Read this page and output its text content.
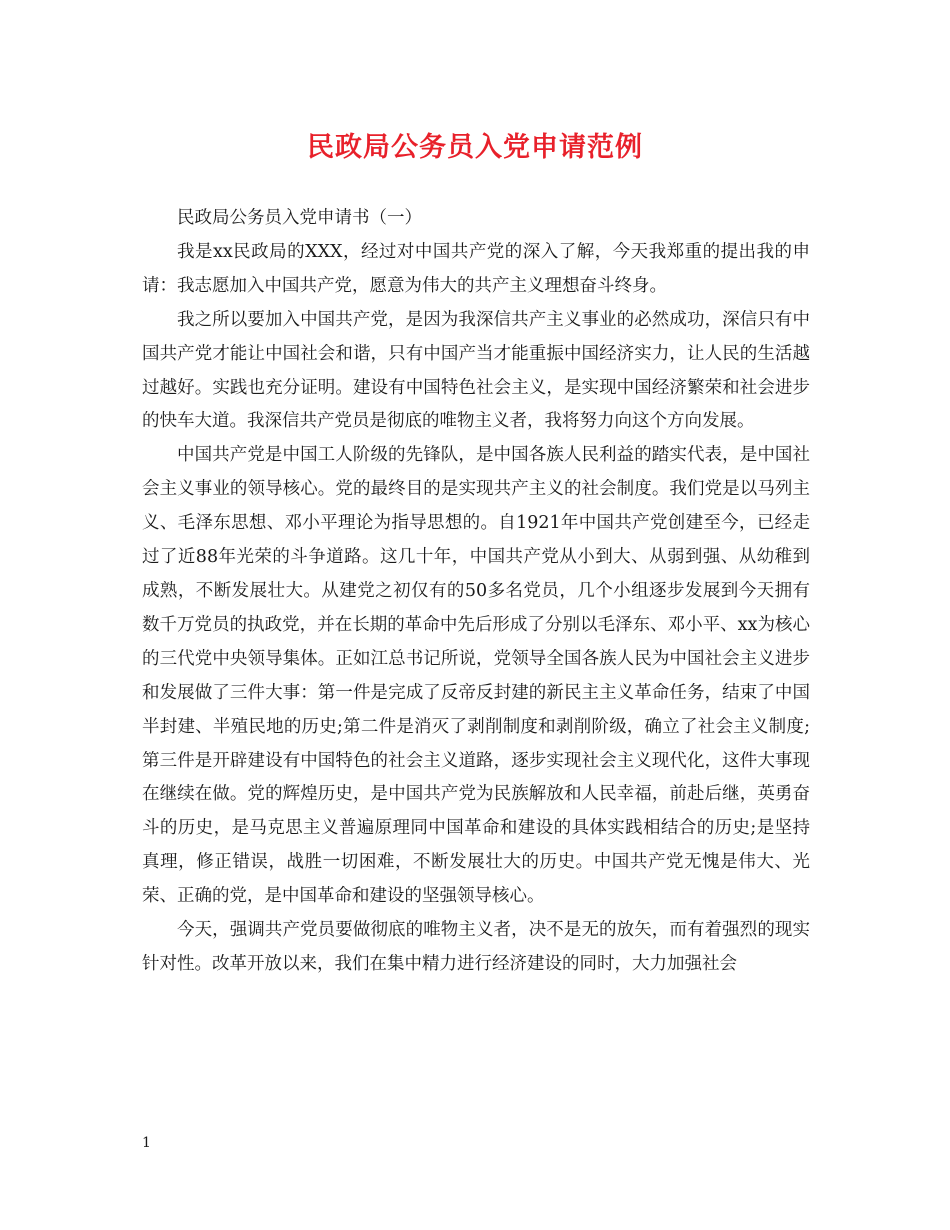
民政局公务员入党申请范例

民政局公务员入党申请书（一）

我是xx民政局的XXX，经过对中国共产党的深入了解，今天我郑重的提出我的申请：我志愿加入中国共产党，愿意为伟大的共产主义理想奋斗终身。

我之所以要加入中国共产党，是因为我深信共产主义事业的必然成功，深信只有中国共产党才能让中国社会和谐，只有中国产当才能重振中国经济实力，让人民的生活越过越好。实践也充分证明。建设有中国特色社会主义，是实现中国经济繁荣和社会进步的快车大道。我深信共产党员是彻底的唯物主义者，我将努力向这个方向发展。

中国共产党是中国工人阶级的先锋队，是中国各族人民利益的踏实代表，是中国社会主义事业的领导核心。党的最终目的是实现共产主义的社会制度。我们党是以马列主义、毛泽东思想、邓小平理论为指导思想的。自1921年中国共产党创建至今，已经走过了近88年光荣的斗争道路。这几十年，中国共产党从小到大、从弱到强、从幼稚到成熟，不断发展壮大。从建党之初仅有的50多名党员，几个小组逐步发展到今天拥有数千万党员的执政党，并在长期的革命中先后形成了分别以毛泽东、邓小平、xx为核心的三代党中央领导集体。正如江总书记所说，党领导全国各族人民为中国社会主义进步和发展做了三件大事：第一件是完成了反帝反封建的新民主主义革命任务，结束了中国半封建、半殖民地的历史;第二件是消灭了剥削制度和剥削阶级，确立了社会主义制度;第三件是开辟建设有中国特色的社会主义道路，逐步实现社会主义现代化，这件大事现在继续在做。党的辉煌历史，是中国共产党为民族解放和人民幸福，前赴后继，英勇奋斗的历史，是马克思主义普遍原理同中国革命和建设的具体实践相结合的历史;是坚持真理，修正错误，战胜一切困难，不断发展壮大的历史。中国共产党无愧是伟大、光荣、正确的党，是中国革命和建设的坚强领导核心。

今天，强调共产党员要做彻底的唯物主义者，决不是无的放矢，而有着强烈的现实针对性。改革开放以来，我们在集中精力进行经济建设的同时，大力加强社会

1
